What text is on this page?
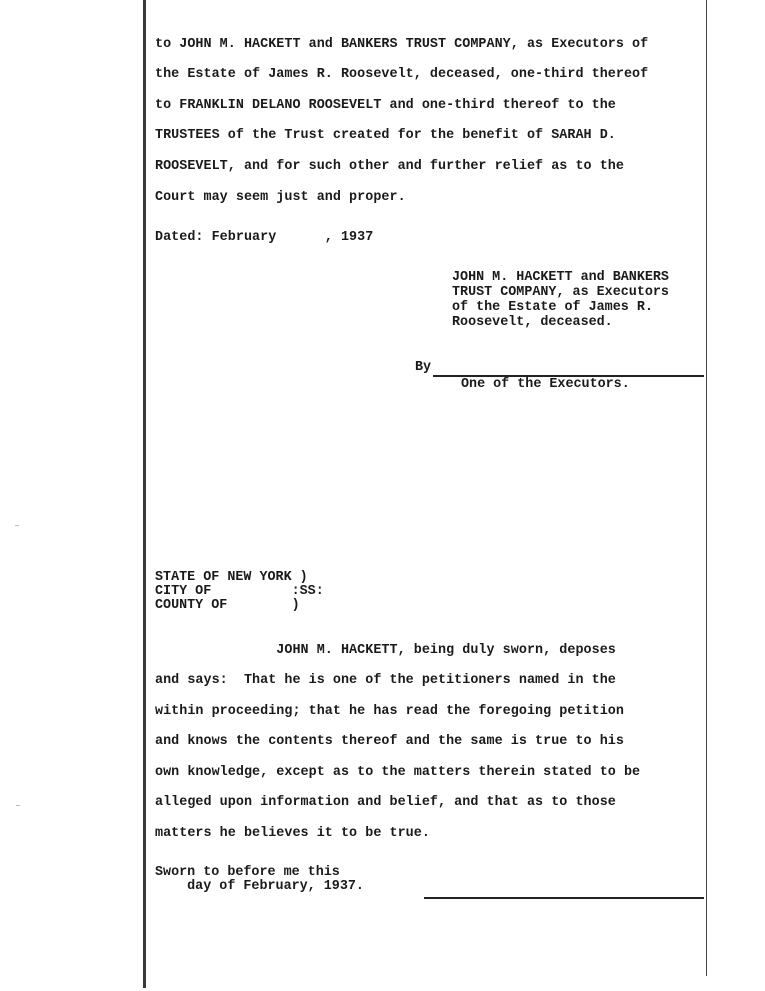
to JOHN M. HACKETT and BANKERS TRUST COMPANY, as Executors of
the Estate of James R. Roosevelt, deceased, one-third thereof
to FRANKLIN DELANO ROOSEVELT and one-third thereof to the
TRUSTEES of the Trust created for the benefit of SARAH D.
ROOSEVELT, and for such other and further relief as to the
Court may seem just and proper.
Dated: February      , 1937
JOHN M. HACKETT and BANKERS
TRUST COMPANY, as Executors
of the Estate of James R.
Roosevelt, deceased.
By
One of the Executors.
STATE OF NEW YORK )
CITY OF          :SS:
COUNTY OF        )
JOHN M. HACKETT, being duly sworn, deposes
and says:  That he is one of the petitioners named in the
within proceeding; that he has read the foregoing petition
and knows the contents thereof and the same is true to his
own knowledge, except as to the matters therein stated to be
alleged upon information and belief, and that as to those
matters he believes it to be true.
Sworn to before me this
day of February, 1937.
